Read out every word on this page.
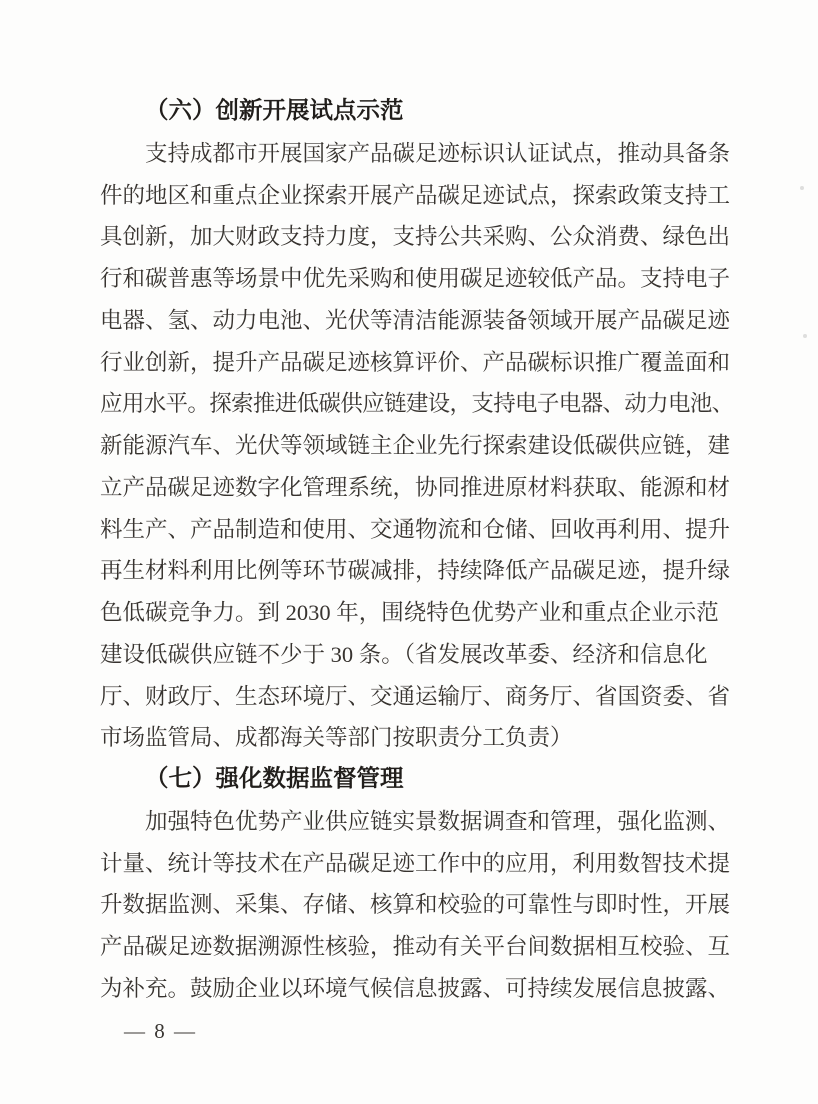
（六）创新开展试点示范
支持成都市开展国家产品碳足迹标识认证试点，推动具备条
件的地区和重点企业探索开展产品碳足迹试点，探索政策支持工
具创新，加大财政支持力度，支持公共采购、公众消费、绿色出
行和碳普惠等场景中优先采购和使用碳足迹较低产品。支持电子
电器、氢、动力电池、光伏等清洁能源装备领域开展产品碳足迹
行业创新，提升产品碳足迹核算评价、产品碳标识推广覆盖面和
应用水平。探索推进低碳供应链建设，支持电子电器、动力电池、
新能源汽车、光伏等领域链主企业先行探索建设低碳供应链，建
立产品碳足迹数字化管理系统，协同推进原材料获取、能源和材
料生产、产品制造和使用、交通物流和仓储、回收再利用、提升
再生材料利用比例等环节碳减排，持续降低产品碳足迹，提升绿
色低碳竞争力。到 2030 年，围绕特色优势产业和重点企业示范
建设低碳供应链不少于 30 条。（省发展改革委、经济和信息化
厅、财政厅、生态环境厅、交通运输厅、商务厅、省国资委、省
市场监管局、成都海关等部门按职责分工负责）
（七）强化数据监督管理
加强特色优势产业供应链实景数据调查和管理，强化监测、
计量、统计等技术在产品碳足迹工作中的应用，利用数智技术提
升数据监测、采集、存储、核算和校验的可靠性与即时性，开展
产品碳足迹数据溯源性核验，推动有关平台间数据相互校验、互
为补充。鼓励企业以环境气候信息披露、可持续发展信息披露、
— 8 —
